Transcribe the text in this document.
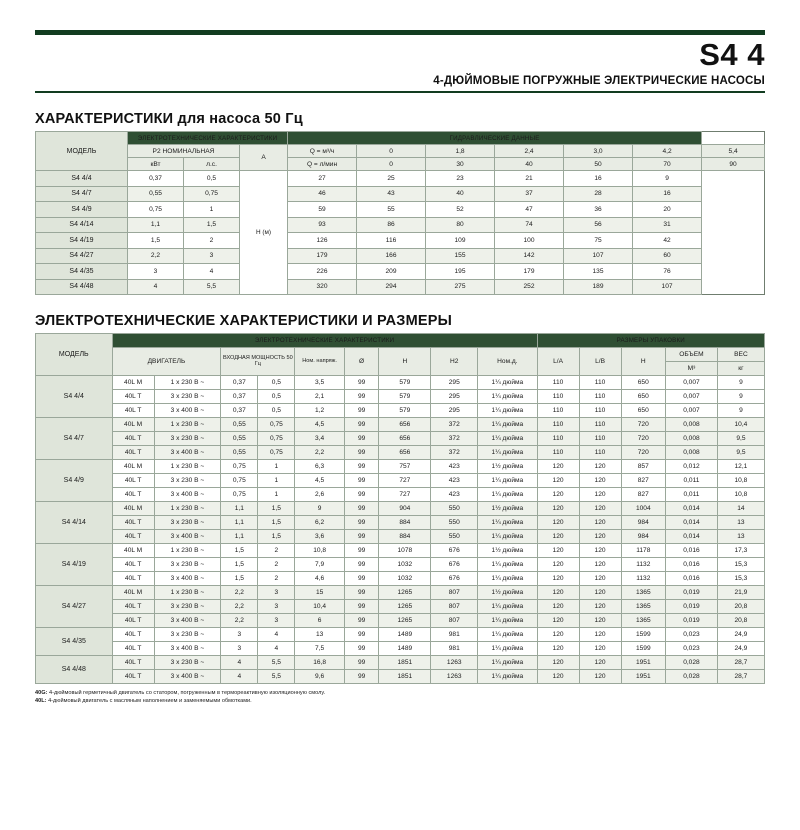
S4 4
4-ДЮЙМОВЫЕ ПОГРУЖНЫЕ ЭЛЕКТРИЧЕСКИЕ НАСОСЫ
ХАРАКТЕРИСТИКИ для насоса 50 Гц
МОДЕЛЬ	ЭЛЕКТРОТЕХНИЧЕСКИЕ ХАРАКТЕРИСТИКИ			ГИДРАВЛИЧЕСКИЕ ДАННЫЕ						
	P2 НОМИНАЛЬНАЯ		A	Q = м³/ч	0	1,8	2,4	3,0	4,2	5,4
	кВт	л.с.		Q = л/мин	0	30	40	50	70	90
S4 4/4	0,37	0,5	H (м)	27	25	23	21	16	9	
S4 4/7	0,55	0,75		46	43	40	37	28	16	
S4 4/9	0,75	1		59	55	52	47	36	20	
S4 4/14	1,1	1,5		93	86	80	74	56	31	
S4 4/19	1,5	2		126	116	109	100	75	42	
S4 4/27	2,2	3		179	166	155	142	107	60	
S4 4/35	3	4		226	209	195	179	135	76	
S4 4/48	4	5,5		320	294	275	252	189	107	
ЭЛЕКТРОТЕХНИЧЕСКИЕ ХАРАКТЕРИСТИКИ И РАЗМЕРЫ
МОДЕЛЬ	ЭЛЕКТРОТЕХНИЧЕСКИЕ ХАРАКТЕРИСТИКИ									РАЗМЕРЫ УПАКОВКИ				
	ДВИГАТЕЛЬ		ВХОДНАЯ МОЩНОСТЬ 50 Гц		Ном. напряж.	Ø	H	H2	Ном.д.	L/A	L/B	H	ОБЪЕМ	ВЕС
													М³	кг

S4 4/4	40L M	1 x 230 B ~	0,37	0,5	3,5	99	579	295	1¼ дюйма	110	110	650	0,007	9
	40L T	3 x 230 B ~	0,37	0,5	2,1	99	579	295	1¼ дюйма	110	110	650	0,007	9
	40L T	3 x 400 B ~	0,37	0,5	1,2	99	579	295	1¼ дюйма	110	110	650	0,007	9
S4 4/7	40L M	1 x 230 B ~	0,55	0,75	4,5	99	656	372	1¼ дюйма	110	110	720	0,008	10,4
	40L T	3 x 230 B ~	0,55	0,75	3,4	99	656	372	1¼ дюйма	110	110	720	0,008	9,5
	40L T	3 x 400 B ~	0,55	0,75	2,2	99	656	372	1¼ дюйма	110	110	720	0,008	9,5
S4 4/9	40L M	1 x 230 B ~	0,75	1	6,3	99	757	423	1½ дюйма	120	120	857	0,012	12,1
	40L T	3 x 230 B ~	0,75	1	4,5	99	727	423	1¼ дюйма	120	120	827	0,011	10,8
	40L T	3 x 400 B ~	0,75	1	2,6	99	727	423	1¼ дюйма	120	120	827	0,011	10,8
S4 4/14	40L M	1 x 230 B ~	1,1	1,5	9	99	904	550	1½ дюйма	120	120	1004	0,014	14
	40L T	3 x 230 B ~	1,1	1,5	6,2	99	884	550	1¼ дюйма	120	120	984	0,014	13
	40L T	3 x 400 B ~	1,1	1,5	3,6	99	884	550	1¼ дюйма	120	120	984	0,014	13
S4 4/19	40L M	1 x 230 B ~	1,5	2	10,8	99	1078	676	1½ дюйма	120	120	1178	0,016	17,3
	40L T	3 x 230 B ~	1,5	2	7,9	99	1032	676	1¼ дюйма	120	120	1132	0,016	15,3
	40L T	3 x 400 B ~	1,5	2	4,6	99	1032	676	1¼ дюйма	120	120	1132	0,016	15,3
S4 4/27	40L M	1 x 230 B ~	2,2	3	15	99	1265	807	1½ дюйма	120	120	1365	0,019	21,9
	40L T	3 x 230 B ~	2,2	3	10,4	99	1265	807	1¼ дюйма	120	120	1365	0,019	20,8
	40L T	3 x 400 B ~	2,2	3	6	99	1265	807	1¼ дюйма	120	120	1365	0,019	20,8
S4 4/35	40L T	3 x 230 B ~	3	4	13	99	1489	981	1¼ дюйма	120	120	1599	0,023	24,9
	40L T	3 x 400 B ~	3	4	7,5	99	1489	981	1¼ дюйма	120	120	1599	0,023	24,9
S4 4/48	40L T	3 x 230 B ~	4	5,5	16,8	99	1851	1263	1¼ дюйма	120	120	1951	0,028	28,7
	40L T	3 x 400 B ~	4	5,5	9,6	99	1851	1263	1¼ дюйма	120	120	1951	0,028	28,7

40G: 4-дюймовый герметичный двигатель со статором, погруженным в термореактивную изоляционную смолу.
40L: 4-дюймовый двигатель с масляным наполнением и заменяемыми обмотками.
